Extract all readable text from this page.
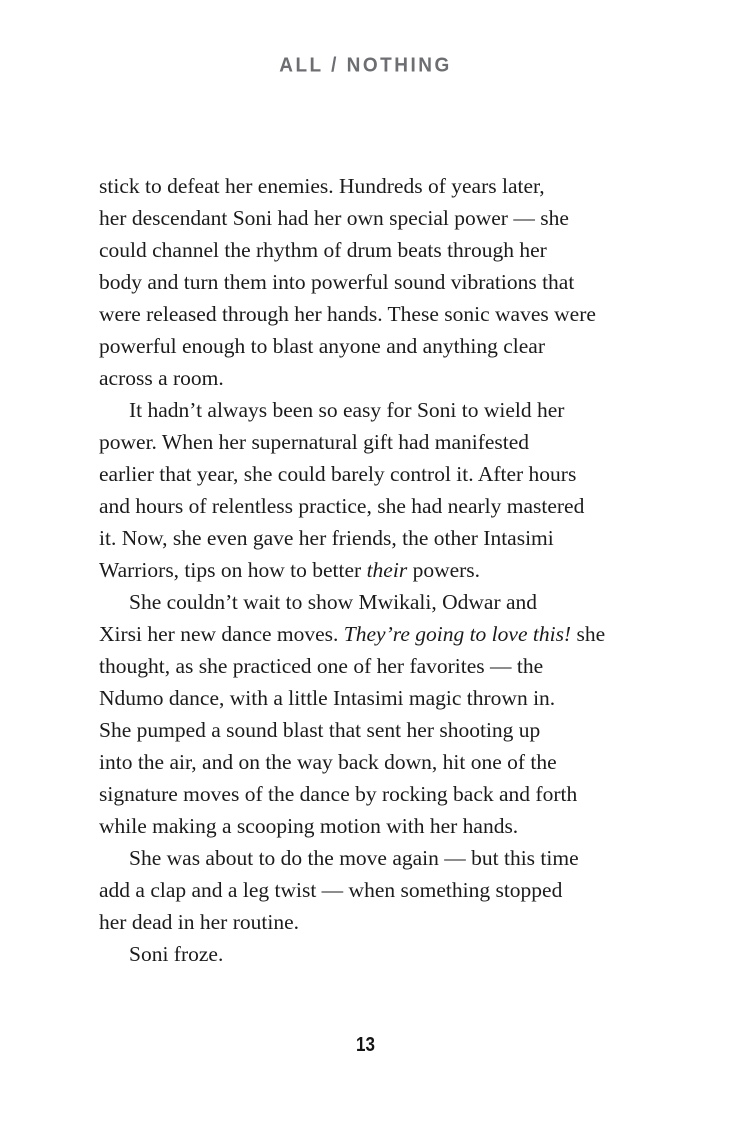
ALL / NOTHING
stick to defeat her enemies. Hundreds of years later,
her descendant Soni had her own special power — she
could channel the rhythm of drum beats through her
body and turn them into powerful sound vibrations that
were released through her hands. These sonic waves were
powerful enough to blast anyone and anything clear
across a room.
It hadn’t always been so easy for Soni to wield her
power. When her supernatural gift had manifested
earlier that year, she could barely control it. After hours
and hours of relentless practice, she had nearly mastered
it. Now, she even gave her friends, the other Intasimi
Warriors, tips on how to better their powers.
She couldn’t wait to show Mwikali, Odwar and
Xirsi her new dance moves. They’re going to love this! she
thought, as she practiced one of her favorites — the
Ndumo dance, with a little Intasimi magic thrown in.
She pumped a sound blast that sent her shooting up
into the air, and on the way back down, hit one of the
signature moves of the dance by rocking back and forth
while making a scooping motion with her hands.
She was about to do the move again — but this time
add a clap and a leg twist — when something stopped
her dead in her routine.
Soni froze.
13
